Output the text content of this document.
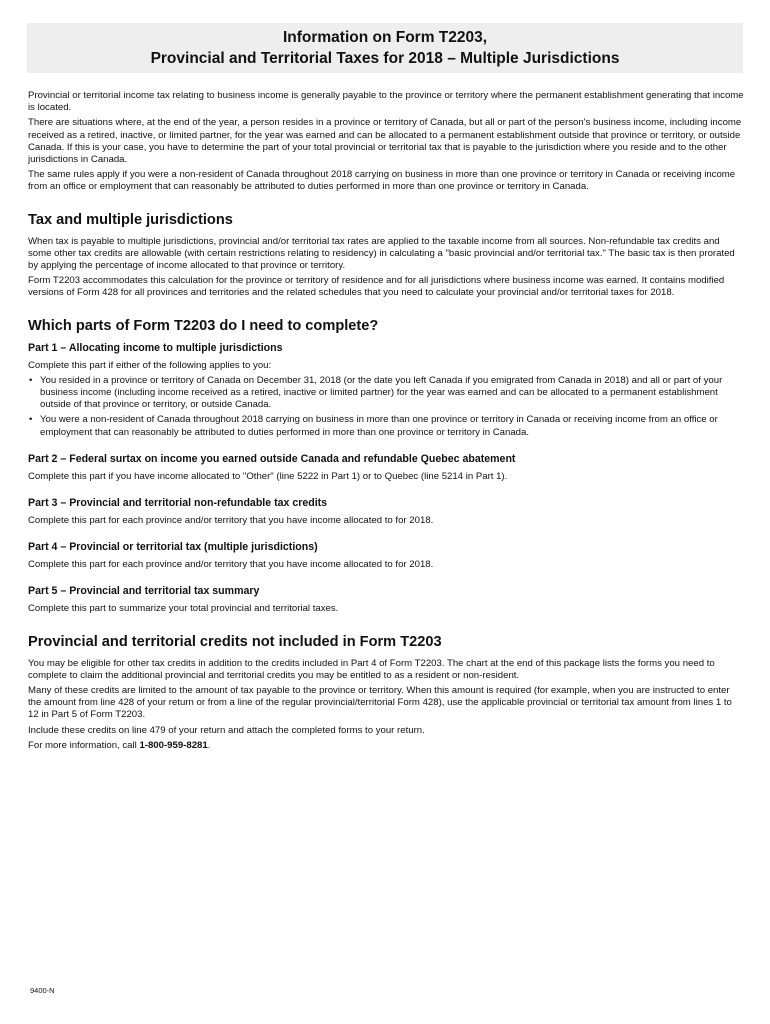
Information on Form T2203,
Provincial and Territorial Taxes for 2018 – Multiple Jurisdictions

Provincial or territorial income tax relating to business income is generally payable to the province or territory where the permanent establishment generating that income is located.

There are situations where, at the end of the year, a person resides in a province or territory of Canada, but all or part of the person's business income, including income received as a retired, inactive, or limited partner, for the year was earned and can be allocated to a permanent establishment outside that province or territory, or outside Canada. If this is your case, you have to determine the part of your total provincial or territorial tax that is payable to the jurisdiction where you reside and to the other jurisdictions in Canada.

The same rules apply if you were a non-resident of Canada throughout 2018 carrying on business in more than one province or territory in Canada or receiving income from an office or employment that can reasonably be attributed to duties performed in more than one province or territory in Canada.

Tax and multiple jurisdictions

When tax is payable to multiple jurisdictions, provincial and/or territorial tax rates are applied to the taxable income from all sources. Non-refundable tax credits and some other tax credits are allowable (with certain restrictions relating to residency) in calculating a "basic provincial and/or territorial tax." The basic tax is then prorated by applying the percentage of income allocated to that province or territory.

Form T2203 accommodates this calculation for the province or territory of residence and for all jurisdictions where business income was earned. It contains modified versions of Form 428 for all provinces and territories and the related schedules that you need to calculate your provincial and/or territorial taxes for 2018.

Which parts of Form T2203 do I need to complete?
Part 1 – Allocating income to multiple jurisdictions

Complete this part if either of the following applies to you:

• You resided in a province or territory of Canada on December 31, 2018 (or the date you left Canada if you emigrated from Canada in 2018) and all or part of your business income (including income received as a retired, inactive or limited partner) for the year was earned and can be allocated to a permanent establishment outside of that province or territory, or outside Canada.
• You were a non-resident of Canada throughout 2018 carrying on business in more than one province or territory in Canada or receiving income from an office or employment that can reasonably be attributed to duties performed in more than one province or territory in Canada.
Part 2 – Federal surtax on income you earned outside Canada and refundable Quebec abatement

Complete this part if you have income allocated to "Other" (line 5222 in Part 1) or to Quebec (line 5214 in Part 1).

Part 3 – Provincial and territorial non-refundable tax credits

Complete this part for each province and/or territory that you have income allocated to for 2018.

Part 4 – Provincial or territorial tax (multiple jurisdictions)

Complete this part for each province and/or territory that you have income allocated to for 2018.

Part 5 – Provincial and territorial tax summary

Complete this part to summarize your total provincial and territorial taxes.

Provincial and territorial credits not included in Form T2203

You may be eligible for other tax credits in addition to the credits included in Part 4 of Form T2203. The chart at the end of this package lists the forms you need to complete to claim the additional provincial and territorial credits you may be entitled to as a resident or non-resident.

Many of these credits are limited to the amount of tax payable to the province or territory. When this amount is required (for example, when you are instructed to enter the amount from line 428 of your return or from a line of the regular provincial/territorial Form 428), use the applicable provincial or territorial tax amount from lines 1 to 12 in Part 5 of Form T2203.

Include these credits on line 479 of your return and attach the completed forms to your return.

For more information, call 1-800-959-8281.

9400-N
